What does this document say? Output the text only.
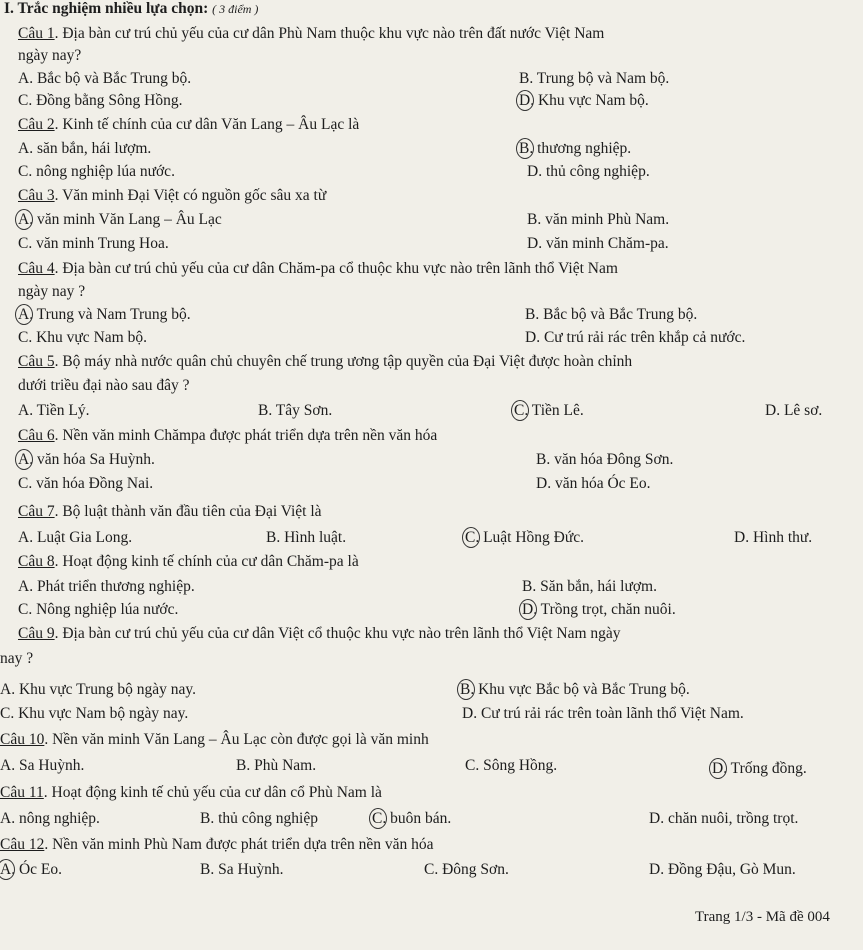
I. Trắc nghiệm nhiều lựa chọn: ( 3 điểm )
Câu 1. Địa bàn cư trú chủ yếu của cư dân Phù Nam thuộc khu vực nào trên đất nước Việt Nam
ngày nay?
A. Bắc bộ và Bắc Trung bộ.	B. Trung bộ và Nam bộ.
C. Đồng bằng Sông Hồng.	D. Khu vực Nam bộ.
Câu 2. Kinh tế chính của cư dân Văn Lang – Âu Lạc là
A. săn bắn, hái lượm.	B. thương nghiệp.
C. nông nghiệp lúa nước.	D. thủ công nghiệp.
Câu 3. Văn minh Đại Việt có nguồn gốc sâu xa từ
A. văn minh Văn Lang – Âu Lạc	B. văn minh Phù Nam.
C. văn minh Trung Hoa.	D. văn minh Chăm-pa.
Câu 4. Địa bàn cư trú chủ yếu của cư dân Chăm-pa cổ thuộc khu vực nào trên lãnh thổ Việt Nam
ngày nay ?
A. Trung và Nam Trung bộ.	B. Bắc bộ và Bắc Trung bộ.
C. Khu vực Nam bộ.	D. Cư trú rải rác trên khắp cả nước.
Câu 5. Bộ máy nhà nước quân chủ chuyên chế trung ương tập quyền của Đại Việt được hoàn chỉnh
dưới triều đại nào sau đây ?
A. Tiền Lý.	B. Tây Sơn.	C. Tiền Lê.	D. Lê sơ.
Câu 6. Nền văn minh Chămpa được phát triển dựa trên nền văn hóa
A. văn hóa Sa Huỳnh.	B. văn hóa Đông Sơn.
C. văn hóa Đồng Nai.	D. văn hóa Óc Eo.
Câu 7. Bộ luật thành văn đầu tiên của Đại Việt là
A. Luật Gia Long.	B. Hình luật.	C. Luật Hồng Đức.	D. Hình thư.
Câu 8. Hoạt động kinh tế chính của cư dân Chăm-pa là
A. Phát triển thương nghiệp.	B. Săn bắn, hái lượm.
C. Nông nghiệp lúa nước.	D. Trồng trọt, chăn nuôi.
Câu 9. Địa bàn cư trú chủ yếu của cư dân Việt cổ thuộc khu vực nào trên lãnh thổ Việt Nam ngày
nay ?
A. Khu vực Trung bộ ngày nay.	B. Khu vực Bắc bộ và Bắc Trung bộ.
C. Khu vực Nam bộ ngày nay.	D. Cư trú rải rác trên toàn lãnh thổ Việt Nam.
Câu 10. Nền văn minh Văn Lang – Âu Lạc còn được gọi là văn minh
A. Sa Huỳnh.	B. Phù Nam.	C. Sông Hồng.	D. Trống đồng.
Câu 11. Hoạt động kinh tế chủ yếu của cư dân cổ Phù Nam là
A. nông nghiệp.	B. thủ công nghiệp	C. buôn bán.	D. chăn nuôi, trồng trọt.
Câu 12. Nền văn minh Phù Nam được phát triển dựa trên nền văn hóa
A. Óc Eo.	B. Sa Huỳnh.	C. Đông Sơn.	D. Đồng Đậu, Gò Mun.
Trang 1/3 - Mã đề 004
